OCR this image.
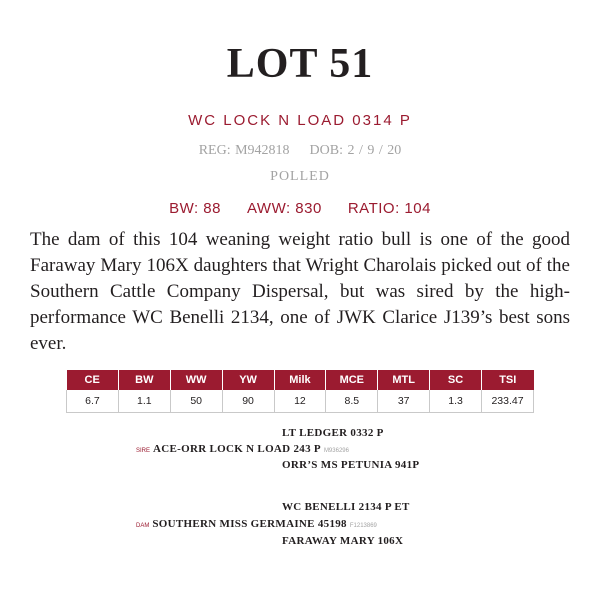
LOT 51
WC LOCK N LOAD 0314 P
REG: M942818 DOB: 2 / 9 / 20
POLLED
BW: 88 AWW: 830 RATIO: 104
The dam of this 104 weaning weight ratio bull is one of the good Faraway Mary 106X daughters that Wright Charolais picked out of the Southern Cattle Company Dispersal, but was sired by the high-performance WC Benelli 2134, one of JWK Clarice J139’s best sons ever.
CE	BW	WW	YW	Milk	MCE	MTL	SC	TSI
6.7	1.1	50	90	12	8.5	37	1.3	233.47
LT LEDGER 0332 P
SIRE ACE-ORR LOCK N LOAD 243 P M936296
ORR’S MS PETUNIA 941P
WC BENELLI 2134 P ET
DAM SOUTHERN MISS GERMAINE 45198 F1213869
FARAWAY MARY 106X
